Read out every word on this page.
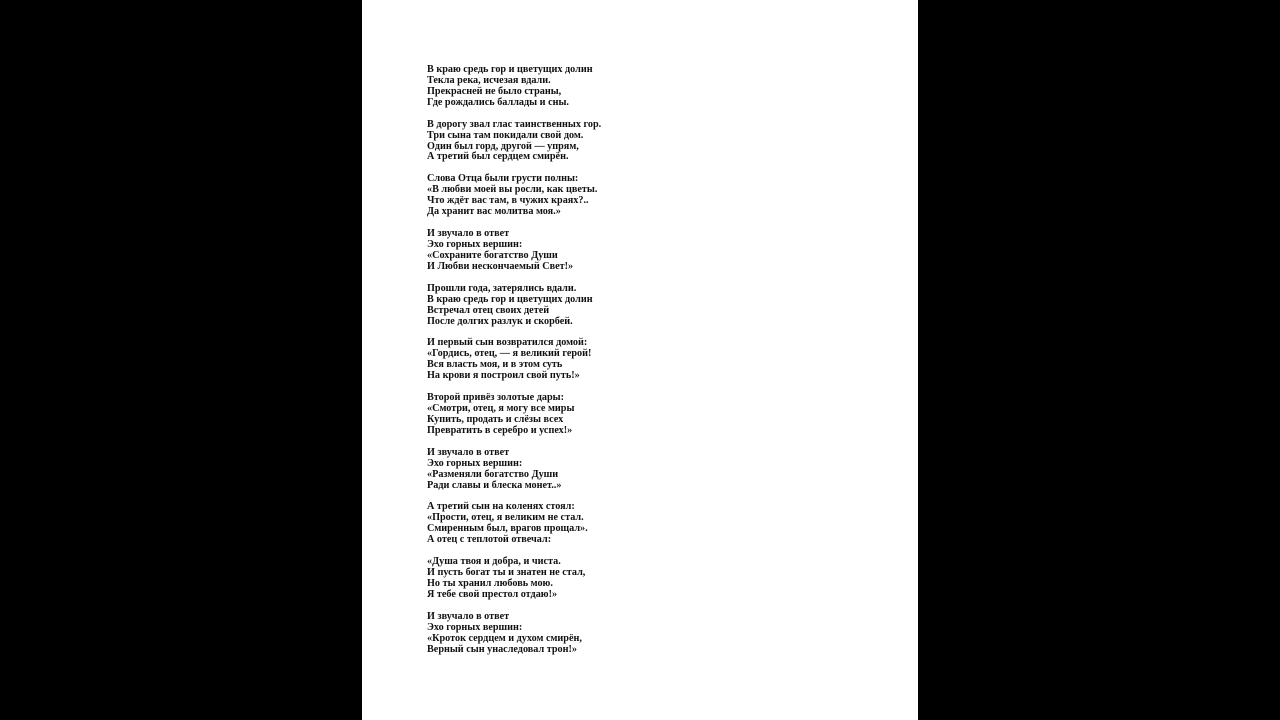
В краю средь гор и цветущих долин
Текла река, исчезая вдали.
Прекрасней не было страны,
Где рождались баллады и сны.
В дорогу звал глас таинственных гор.
Три сына там покидали свой дом.
Один был горд, другой — упрям,
А третий был сердцем смирён.
Слова Отца были грусти полны:
«В любви моей вы росли, как цветы.
Что ждёт вас там, в чужих краях?..
Да хранит вас молитва моя.»
И звучало в ответ
Эхо горных вершин:
«Сохраните богатство Души
И Любви нескончаемый Свет!»
Прошли года, затерялись вдали.
В краю средь гор и цветущих долин
Встречал отец своих детей
После долгих разлук и скорбей.
И первый сын возвратился домой:
«Гордись, отец, — я великий герой!
Вся власть моя, и в этом суть
На крови я построил свой путь!»
Второй привёз золотые дары:
«Смотри, отец, я могу все миры
Купить, продать и слёзы всех
Превратить в серебро и успех!»
И звучало в ответ
Эхо горных вершин:
«Разменяли богатство Души
Ради славы и блеска монет..»
А третий сын на коленях стоял:
«Прости, отец, я великим не стал.
Смиренным был, врагов прощал».
А отец с теплотой отвечал:
«Душа твоя и добра, и чиста.
И пусть богат ты и знатен не стал,
Но ты хранил любовь мою.
Я тебе свой престол отдаю!»
И звучало в ответ
Эхо горных вершин:
«Кроток сердцем и духом смирён,
Верный сын унаследовал трон!»
